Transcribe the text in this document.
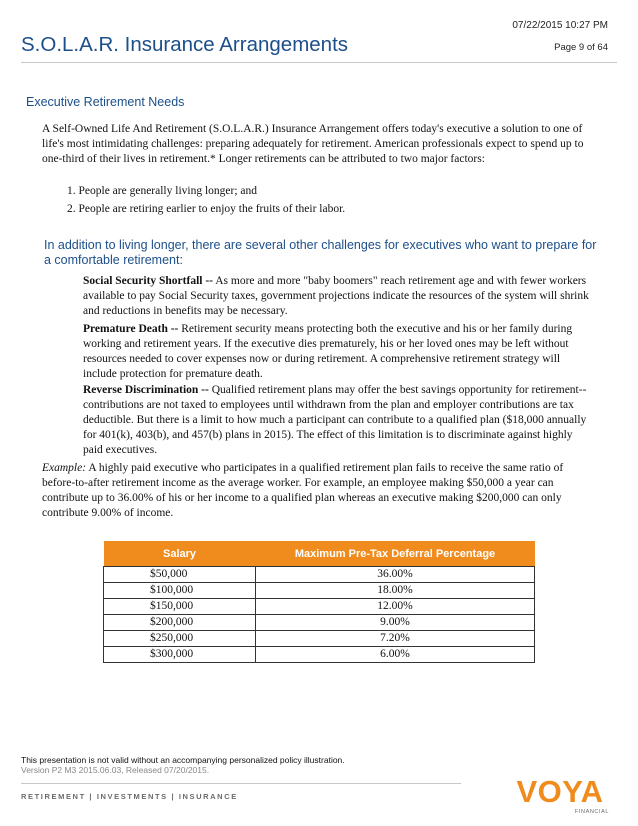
07/22/2015 10:27 PM
S.O.L.A.R. Insurance Arrangements	Page 9 of 64
Executive Retirement Needs
A Self-Owned Life And Retirement (S.O.L.A.R.) Insurance Arrangement offers today's executive a solution to one of life's most intimidating challenges: preparing adequately for retirement. American professionals expect to spend up to one-third of their lives in retirement.* Longer retirements can be attributed to two major factors:
1. People are generally living longer; and
2. People are retiring earlier to enjoy the fruits of their labor.
In addition to living longer, there are several other challenges for executives who want to prepare for a comfortable retirement:
Social Security Shortfall -- As more and more "baby boomers" reach retirement age and with fewer workers available to pay Social Security taxes, government projections indicate the resources of the system will shrink and reductions in benefits may be necessary.
Premature Death -- Retirement security means protecting both the executive and his or her family during working and retirement years. If the executive dies prematurely, his or her loved ones may be left without resources needed to cover expenses now or during retirement. A comprehensive retirement strategy will include protection for premature death.
Reverse Discrimination -- Qualified retirement plans may offer the best savings opportunity for retirement-- contributions are not taxed to employees until withdrawn from the plan and employer contributions are tax deductible. But there is a limit to how much a participant can contribute to a qualified plan ($18,000 annually for 401(k), 403(b), and 457(b) plans in 2015). The effect of this limitation is to discriminate against highly paid executives.
Example: A highly paid executive who participates in a qualified retirement plan fails to receive the same ratio of before-to-after retirement income as the average worker. For example, an employee making $50,000 a year can contribute up to 36.00% of his or her income to a qualified plan whereas an executive making $200,000 can only contribute 9.00% of income.
Salary	Maximum Pre-Tax Deferral Percentage
$50,000	36.00%
$100,000	18.00%
$150,000	12.00%
$200,000	9.00%
$250,000	7.20%
$300,000	6.00%
This presentation is not valid without an accompanying personalized policy illustration.
Version P2 M3 2015.06.03, Released 07/20/2015.
RETIREMENT | INVESTMENTS | INSURANCE	VOYA
FINANCIAL
